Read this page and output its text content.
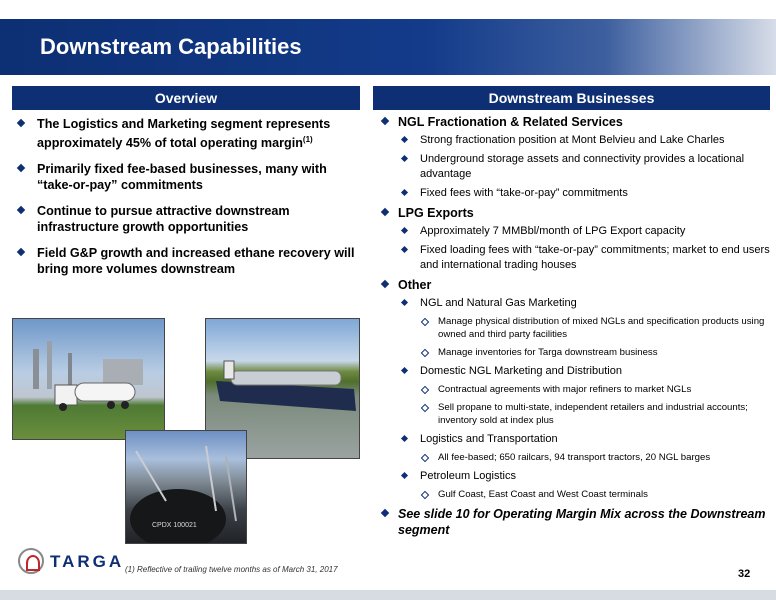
Downstream Capabilities
Overview	Downstream Businesses
The Logistics and Marketing segment represents approximately 45% of total operating margin$^{(1)}$
Primarily fixed fee-based businesses, many with “take-or-pay” commitments
Continue to pursue attractive downstream infrastructure growth opportunities
Field G&P growth and increased ethane recovery will bring more volumes downstream
NGL Fractionation & Related Services
Strong fractionation position at Mont Belvieu and Lake Charles
Underground storage assets and connectivity provides a locational advantage
Fixed fees with “take-or-pay” commitments
LPG Exports
Approximately 7 MMBbl/month of LPG Export capacity
Fixed loading fees with “take-or-pay” commitments; market to end users and international trading houses
Other
NGL and Natural Gas Marketing
Manage physical distribution of mixed NGLs and specification products using owned and third party facilities
Manage inventories for Targa downstream business
Domestic NGL Marketing and Distribution
Contractual agreements with major refiners to market NGLs
Sell propane to multi-state, independent retailers and industrial accounts; inventory sold at index plus
Logistics and Transportation
All fee-based; 650 railcars, 94 transport tractors, 20 NGL barges
Petroleum Logistics
Gulf Coast, East Coast and West Coast terminals
See slide 10 for Operating Margin Mix across the Downstream segment
CPDX 100021
TARGA (1) Reflective of trailing twelve months as of March 31, 2017	32
